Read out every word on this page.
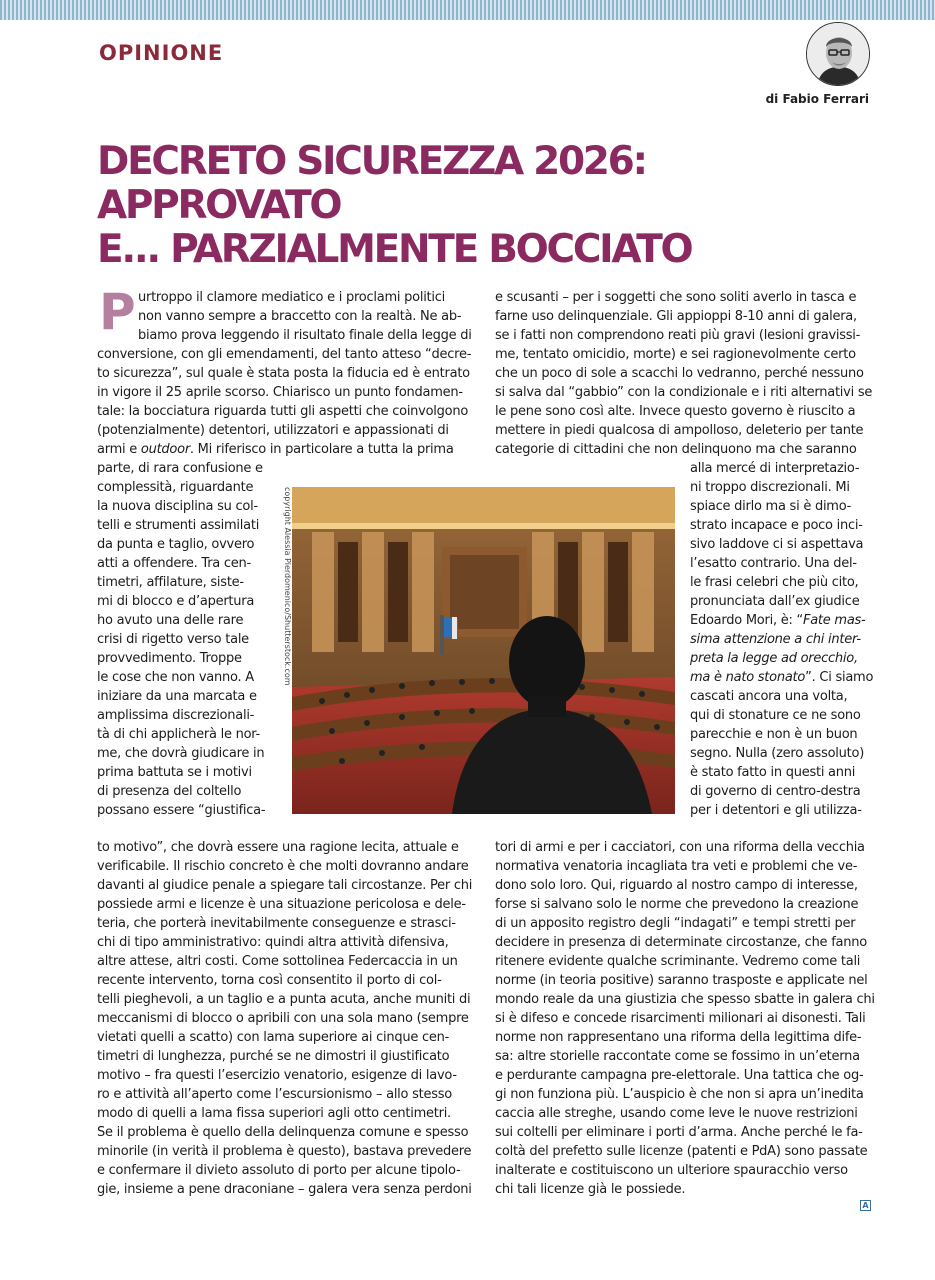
OPINIONE
di Fabio Ferrari
DECRETO SICUREZZA 2026: APPROVATO
E... PARZIALMENTE BOCCIATO
P urtroppo il clamore mediatico e i proclami politici
non vanno sempre a braccetto con la realtà. Ne ab-
biamo prova leggendo il risultato finale della legge di
conversione, con gli emendamenti, del tanto atteso “decre-
to sicurezza”, sul quale è stata posta la fiducia ed è entrato
in vigore il 25 aprile scorso. Chiarisco un punto fondamen-
tale: la bocciatura riguarda tutti gli aspetti che coinvolgono
(potenzialmente) detentori, utilizzatori e appassionati di
armi e outdoor. Mi riferisco in particolare a tutta la prima
parte, di rara confusione e
complessità, riguardante
la nuova disciplina su col-
telli e strumenti assimilati
da punta e taglio, ovvero
atti a offendere. Tra cen-
timetri, affilature, siste-
mi di blocco e d’apertura
ho avuto una delle rare
crisi di rigetto verso tale
provvedimento. Troppe
le cose che non vanno. A
iniziare da una marcata e
amplissima discrezionali-
tà di chi applicherà le nor-
me, che dovrà giudicare in
prima battuta se i motivi
di presenza del coltello
possano essere “giustifica-
to motivo”, che dovrà essere una ragione lecita, attuale e
verificabile. Il rischio concreto è che molti dovranno andare
davanti al giudice penale a spiegare tali circostanze. Per chi
possiede armi e licenze è una situazione pericolosa e dele-
teria, che porterà inevitabilmente conseguenze e strasci-
chi di tipo amministrativo: quindi altra attività difensiva,
altre attese, altri costi. Come sottolinea Federcaccia in un
recente intervento, torna così consentito il porto di col-
telli pieghevoli, a un taglio e a punta acuta, anche muniti di
meccanismi di blocco o apribili con una sola mano (sempre
vietati quelli a scatto) con lama superiore ai cinque cen-
timetri di lunghezza, purché se ne dimostri il giustificato
motivo – fra questi l’esercizio venatorio, esigenze di lavo-
ro e attività all’aperto come l’escursionismo – allo stesso
modo di quelli a lama fissa superiori agli otto centimetri.
Se il problema è quello della delinquenza comune e spesso
minorile (in verità il problema è questo), bastava prevedere
e confermare il divieto assoluto di porto per alcune tipolo-
gie, insieme a pene draconiane – galera vera senza perdoni
e scusanti – per i soggetti che sono soliti averlo in tasca e
farne uso delinquenziale. Gli appioppi 8-10 anni di galera,
se i fatti non comprendono reati più gravi (lesioni gravissi-
me, tentato omicidio, morte) e sei ragionevolmente certo
che un poco di sole a scacchi lo vedranno, perché nessuno
si salva dal “gabbio” con la condizionale e i riti alternativi se
le pene sono così alte. Invece questo governo è riuscito a
mettere in piedi qualcosa di ampolloso, deleterio per tante
categorie di cittadini che non delinquono ma che saranno
alla mercé di interpretazio-
ni troppo discrezionali. Mi
spiace dirlo ma si è dimo-
strato incapace e poco inci-
sivo laddove ci si aspettava
l’esatto contrario. Una del-
le frasi celebri che più cito,
pronunciata dall’ex giudice
Edoardo Mori, è: “Fate mas-
sima attenzione a chi inter-
preta la legge ad orecchio,
ma è nato stonato”. Ci siamo
cascati ancora una volta,
qui di stonature ce ne sono
parecchie e non è un buon
segno. Nulla (zero assoluto)
è stato fatto in questi anni
di governo di centro-destra
per i detentori e gli utilizza-
tori di armi e per i cacciatori, con una riforma della vecchia
normativa venatoria incagliata tra veti e problemi che ve-
dono solo loro. Qui, riguardo al nostro campo di interesse,
forse si salvano solo le norme che prevedono la creazione
di un apposito registro degli “indagati” e tempi stretti per
decidere in presenza di determinate circostanze, che fanno
ritenere evidente qualche scriminante. Vedremo come tali
norme (in teoria positive) saranno trasposte e applicate nel
mondo reale da una giustizia che spesso sbatte in galera chi
si è difeso e concede risarcimenti milionari ai disonesti. Tali
norme non rappresentano una riforma della legittima dife-
sa: altre storielle raccontate come se fossimo in un’eterna
e perdurante campagna pre-elettorale. Una tattica che og-
gi non funziona più. L’auspicio è che non si apra un’inedita
caccia alle streghe, usando come leve le nuove restrizioni
sui coltelli per eliminare i porti d’arma. Anche perché le fa-
coltà del prefetto sulle licenze (patenti e PdA) sono passate
inalterate e costituiscono un ulteriore spauracchio verso
chi tali licenze già le possiede.
copyright Alessia Pierdomenico/Shutterstock.com
A
